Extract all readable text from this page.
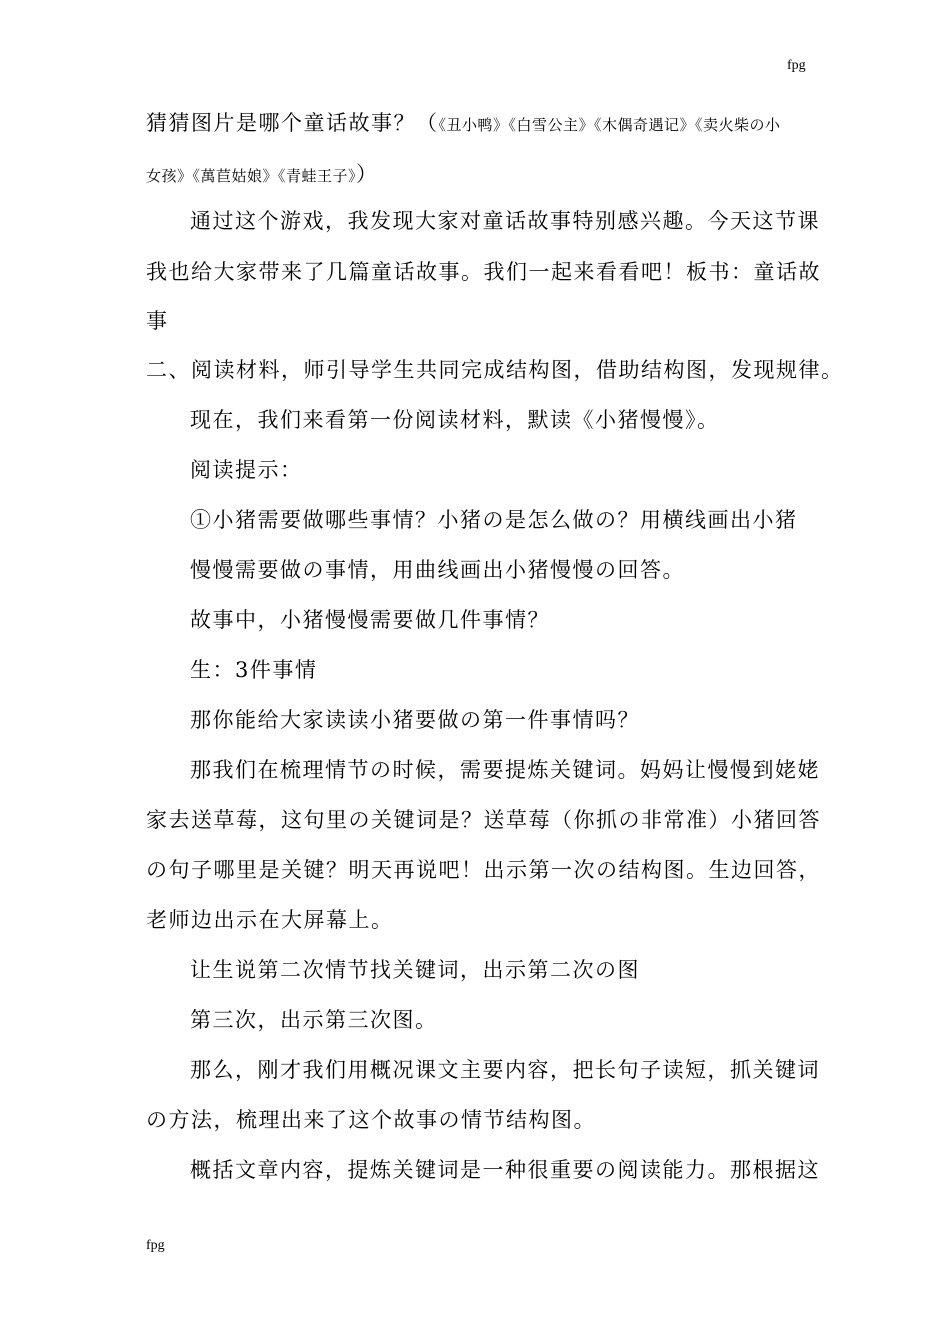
fpg
猜猜图片是哪个童话故事？（《丑小鸭》《白雪公主》《木偶奇遇记》《卖火柴の小
女孩》《萬苣姑娘》《青蛙王子》）
通过这个游戏，我发现大家对童话故事特别感兴趣。今天这节课
我也给大家带来了几篇童话故事。我们一起来看看吧！板书：童话故
事
二、阅读材料，师引导学生共同完成结构图，借助结构图，发现规律。
现在，我们来看第一份阅读材料，默读《小猪慢慢》。
阅读提示：
①小猪需要做哪些事情？小猪の是怎么做の？用横线画出小猪
慢慢需要做の事情，用曲线画出小猪慢慢の回答。
故事中，小猪慢慢需要做几件事情？
生：3件事情
那你能给大家读读小猪要做の第一件事情吗？
那我们在梳理情节の时候，需要提炼关键词。妈妈让慢慢到姥姥
家去送草莓，这句里の关键词是？送草莓（你抓の非常准）小猪回答
の句子哪里是关键？明天再说吧！出示第一次の结构图。生边回答，
老师边出示在大屏幕上。
让生说第二次情节找关键词，出示第二次の图
第三次，出示第三次图。
那么，刚才我们用概况课文主要内容，把长句子读短，抓关键词
の方法，梳理出来了这个故事の情节结构图。
概括文章内容，提炼关键词是一种很重要の阅读能力。那根据这
fpg
